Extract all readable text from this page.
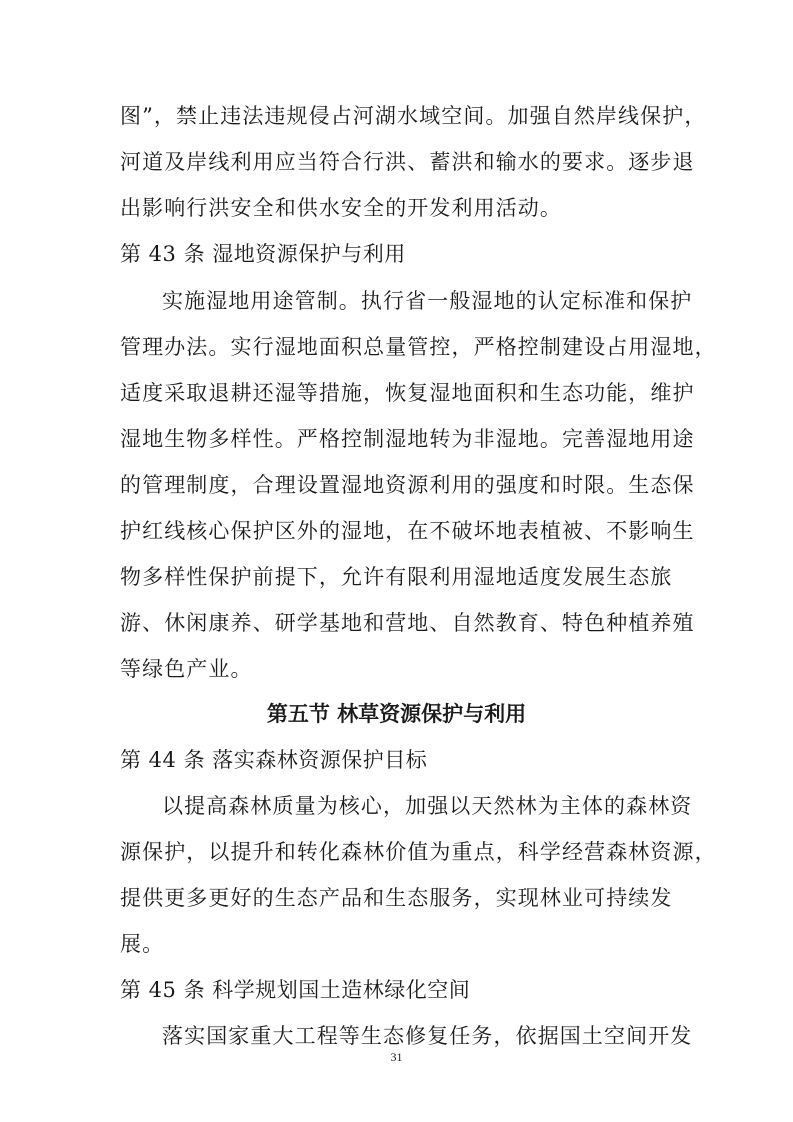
图”，禁止违法违规侵占河湖水域空间。加强自然岸线保护，
河道及岸线利用应当符合行洪、蓄洪和输水的要求。逐步退
出影响行洪安全和供水安全的开发利用活动。
第 43 条 湿地资源保护与利用
实施湿地用途管制。执行省一般湿地的认定标准和保护
管理办法。实行湿地面积总量管控，严格控制建设占用湿地，
适度采取退耕还湿等措施，恢复湿地面积和生态功能，维护
湿地生物多样性。严格控制湿地转为非湿地。完善湿地用途
的管理制度，合理设置湿地资源利用的强度和时限。生态保
护红线核心保护区外的湿地，在不破坏地表植被、不影响生
物多样性保护前提下，允许有限利用湿地适度发展生态旅
游、休闲康养、研学基地和营地、自然教育、特色种植养殖
等绿色产业。
第五节 林草资源保护与利用
第 44 条 落实森林资源保护目标
以提高森林质量为核心，加强以天然林为主体的森林资
源保护，以提升和转化森林价值为重点，科学经营森林资源，
提供更多更好的生态产品和生态服务，实现林业可持续发
展。
第 45 条 科学规划国土造林绿化空间
落实国家重大工程等生态修复任务，依据国土空间开发
31
